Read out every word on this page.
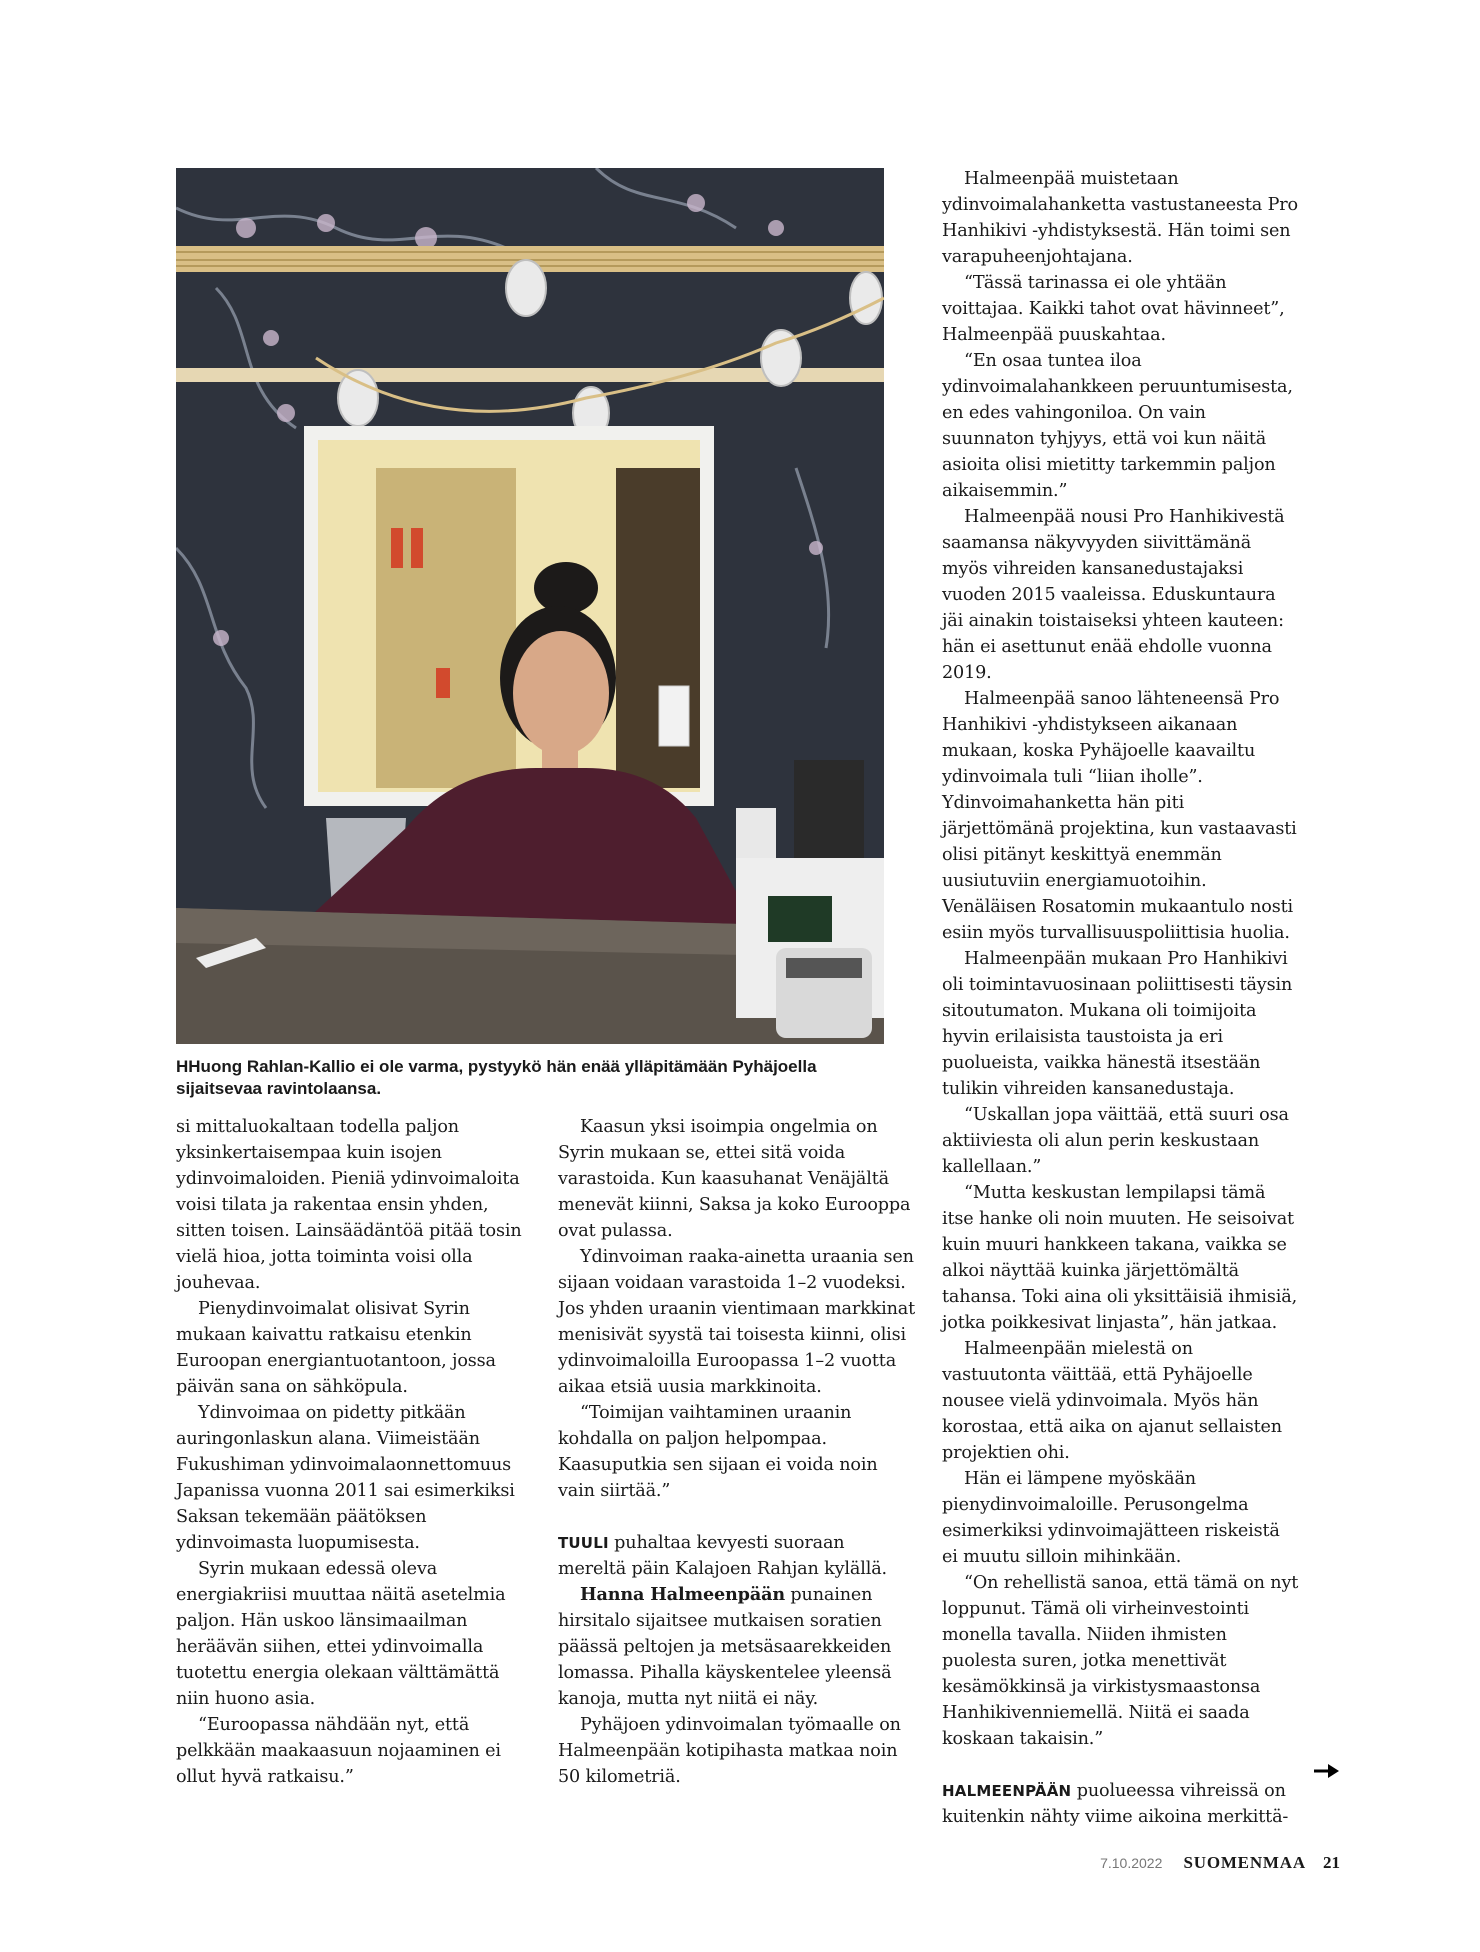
HHuong Rahlan-Kallio ei ole varma, pystyykö hän enää ylläpitämään Pyhäjoella sijaitsevaa ravintolaansa.

si mittaluokaltaan todella paljon yksinkertaisempaa kuin isojen ydinvoimaloiden. Pieniä ydinvoimaloita voisi tilata ja rakentaa ensin yhden, sitten toisen. Lainsäädäntöä pitää tosin vielä hioa, jotta toiminta voisi olla jouhevaa.

Pienydinvoimalat olisivat Syrin mukaan kaivattu ratkaisu etenkin Euroopan energiantuotantoon, jossa päivän sana on sähköpula.

Ydinvoimaa on pidetty pitkään auringonlaskun alana. Viimeistään Fukushiman ydinvoimalaonnettomuus Japanissa vuonna 2011 sai esimerkiksi Saksan tekemään päätöksen ydinvoimasta luopumisesta.

Syrin mukaan edessä oleva energiakriisi muuttaa näitä asetelmia paljon. Hän uskoo länsimaailman heräävän siihen, ettei ydinvoimalla tuotettu energia olekaan välttämättä niin huono asia.

“Euroopassa nähdään nyt, että pelkkään maakaasuun nojaaminen ei ollut hyvä ratkaisu.”

Kaasun yksi isoimpia ongelmia on Syrin mukaan se, ettei sitä voida varastoida. Kun kaasuhanat Venäjältä menevät kiinni, Saksa ja koko Eurooppa ovat pulassa.

Ydinvoiman raaka-ainetta uraania sen sijaan voidaan varastoida 1–2 vuodeksi. Jos yhden uraanin vientimaan markkinat menisivät syystä tai toisesta kiinni, olisi ydinvoimaloilla Euroopassa 1–2 vuotta aikaa etsiä uusia markkinoita.

“Toimijan vaihtaminen uraanin kohdalla on paljon helpompaa. Kaasuputkia sen sijaan ei voida noin vain siirtää.”

TUULI puhaltaa kevyesti suoraan mereltä päin Kalajoen Rahjan kylällä.

Hanna Halmeenpään punainen hirsitalo sijaitsee mutkaisen soratien päässä peltojen ja metsäsaarekkeiden lomassa. Pihalla käyskentelee yleensä kanoja, mutta nyt niitä ei näy.

Pyhäjoen ydinvoimalan työmaalle on Halmeenpään kotipihasta matkaa noin 50 kilometriä.

Halmeenpää muistetaan ydinvoimalahanketta vastustaneesta Pro Hanhikivi -yhdistyksestä. Hän toimi sen varapuheenjohtajana.

“Tässä tarinassa ei ole yhtään voittajaa. Kaikki tahot ovat hävinneet”, Halmeenpää puuskahtaa.

“En osaa tuntea iloa ydinvoimalahankkeen peruuntumisesta, en edes vahingoniloa. On vain suunnaton tyhjyys, että voi kun näitä asioita olisi mietitty tarkemmin paljon aikaisemmin.”

Halmeenpää nousi Pro Hanhikivestä saamansa näkyvyyden siivittämänä myös vihreiden kansanedustajaksi vuoden 2015 vaaleissa. Eduskuntaura jäi ainakin toistaiseksi yhteen kauteen: hän ei asettunut enää ehdolle vuonna 2019.

Halmeenpää sanoo lähteneensä Pro Hanhikivi -yhdistykseen aikanaan mukaan, koska Pyhäjoelle kaavailtu ydinvoimala tuli “liian iholle”. Ydinvoimahanketta hän piti järjettömänä projektina, kun vastaavasti olisi pitänyt keskittyä enemmän uusiutuviin energiamuotoihin. Venäläisen Rosatomin mukaantulo nosti esiin myös turvallisuuspoliittisia huolia.

Halmeenpään mukaan Pro Hanhikivi oli toimintavuosinaan poliittisesti täysin sitoutumaton. Mukana oli toimijoita hyvin erilaisista taustoista ja eri puolueista, vaikka hänestä itsestään tulikin vihreiden kansanedustaja.

“Uskallan jopa väittää, että suuri osa aktiiviesta oli alun perin keskustaan kallellaan.”

“Mutta keskustan lempilapsi tämä itse hanke oli noin muuten. He seisoivat kuin muuri hankkeen takana, vaikka se alkoi näyttää kuinka järjettömältä tahansa. Toki aina oli yksittäisiä ihmisiä, jotka poikkesivat linjasta”, hän jatkaa.

Halmeenpään mielestä on vastuutonta väittää, että Pyhäjoelle nousee vielä ydinvoimala. Myös hän korostaa, että aika on ajanut sellaisten projektien ohi.

Hän ei lämpene myöskään pienydinvoimaloille. Perusongelma esimerkiksi ydinvoimajätteen riskeistä ei muutu silloin mihinkään.

“On rehellistä sanoa, että tämä on nyt loppunut. Tämä oli virheinvestointi monella tavalla. Niiden ihmisten puolesta suren, jotka menettivät kesämökkinsä ja virkistysmaastonsa Hanhikivenniemellä. Niitä ei saada koskaan takaisin.”

HALMEENPÄÄN puolueessa vihreissä on kuitenkin nähty viime aikoina merkittä-

7.10.2022 SUOMENMAA 21
